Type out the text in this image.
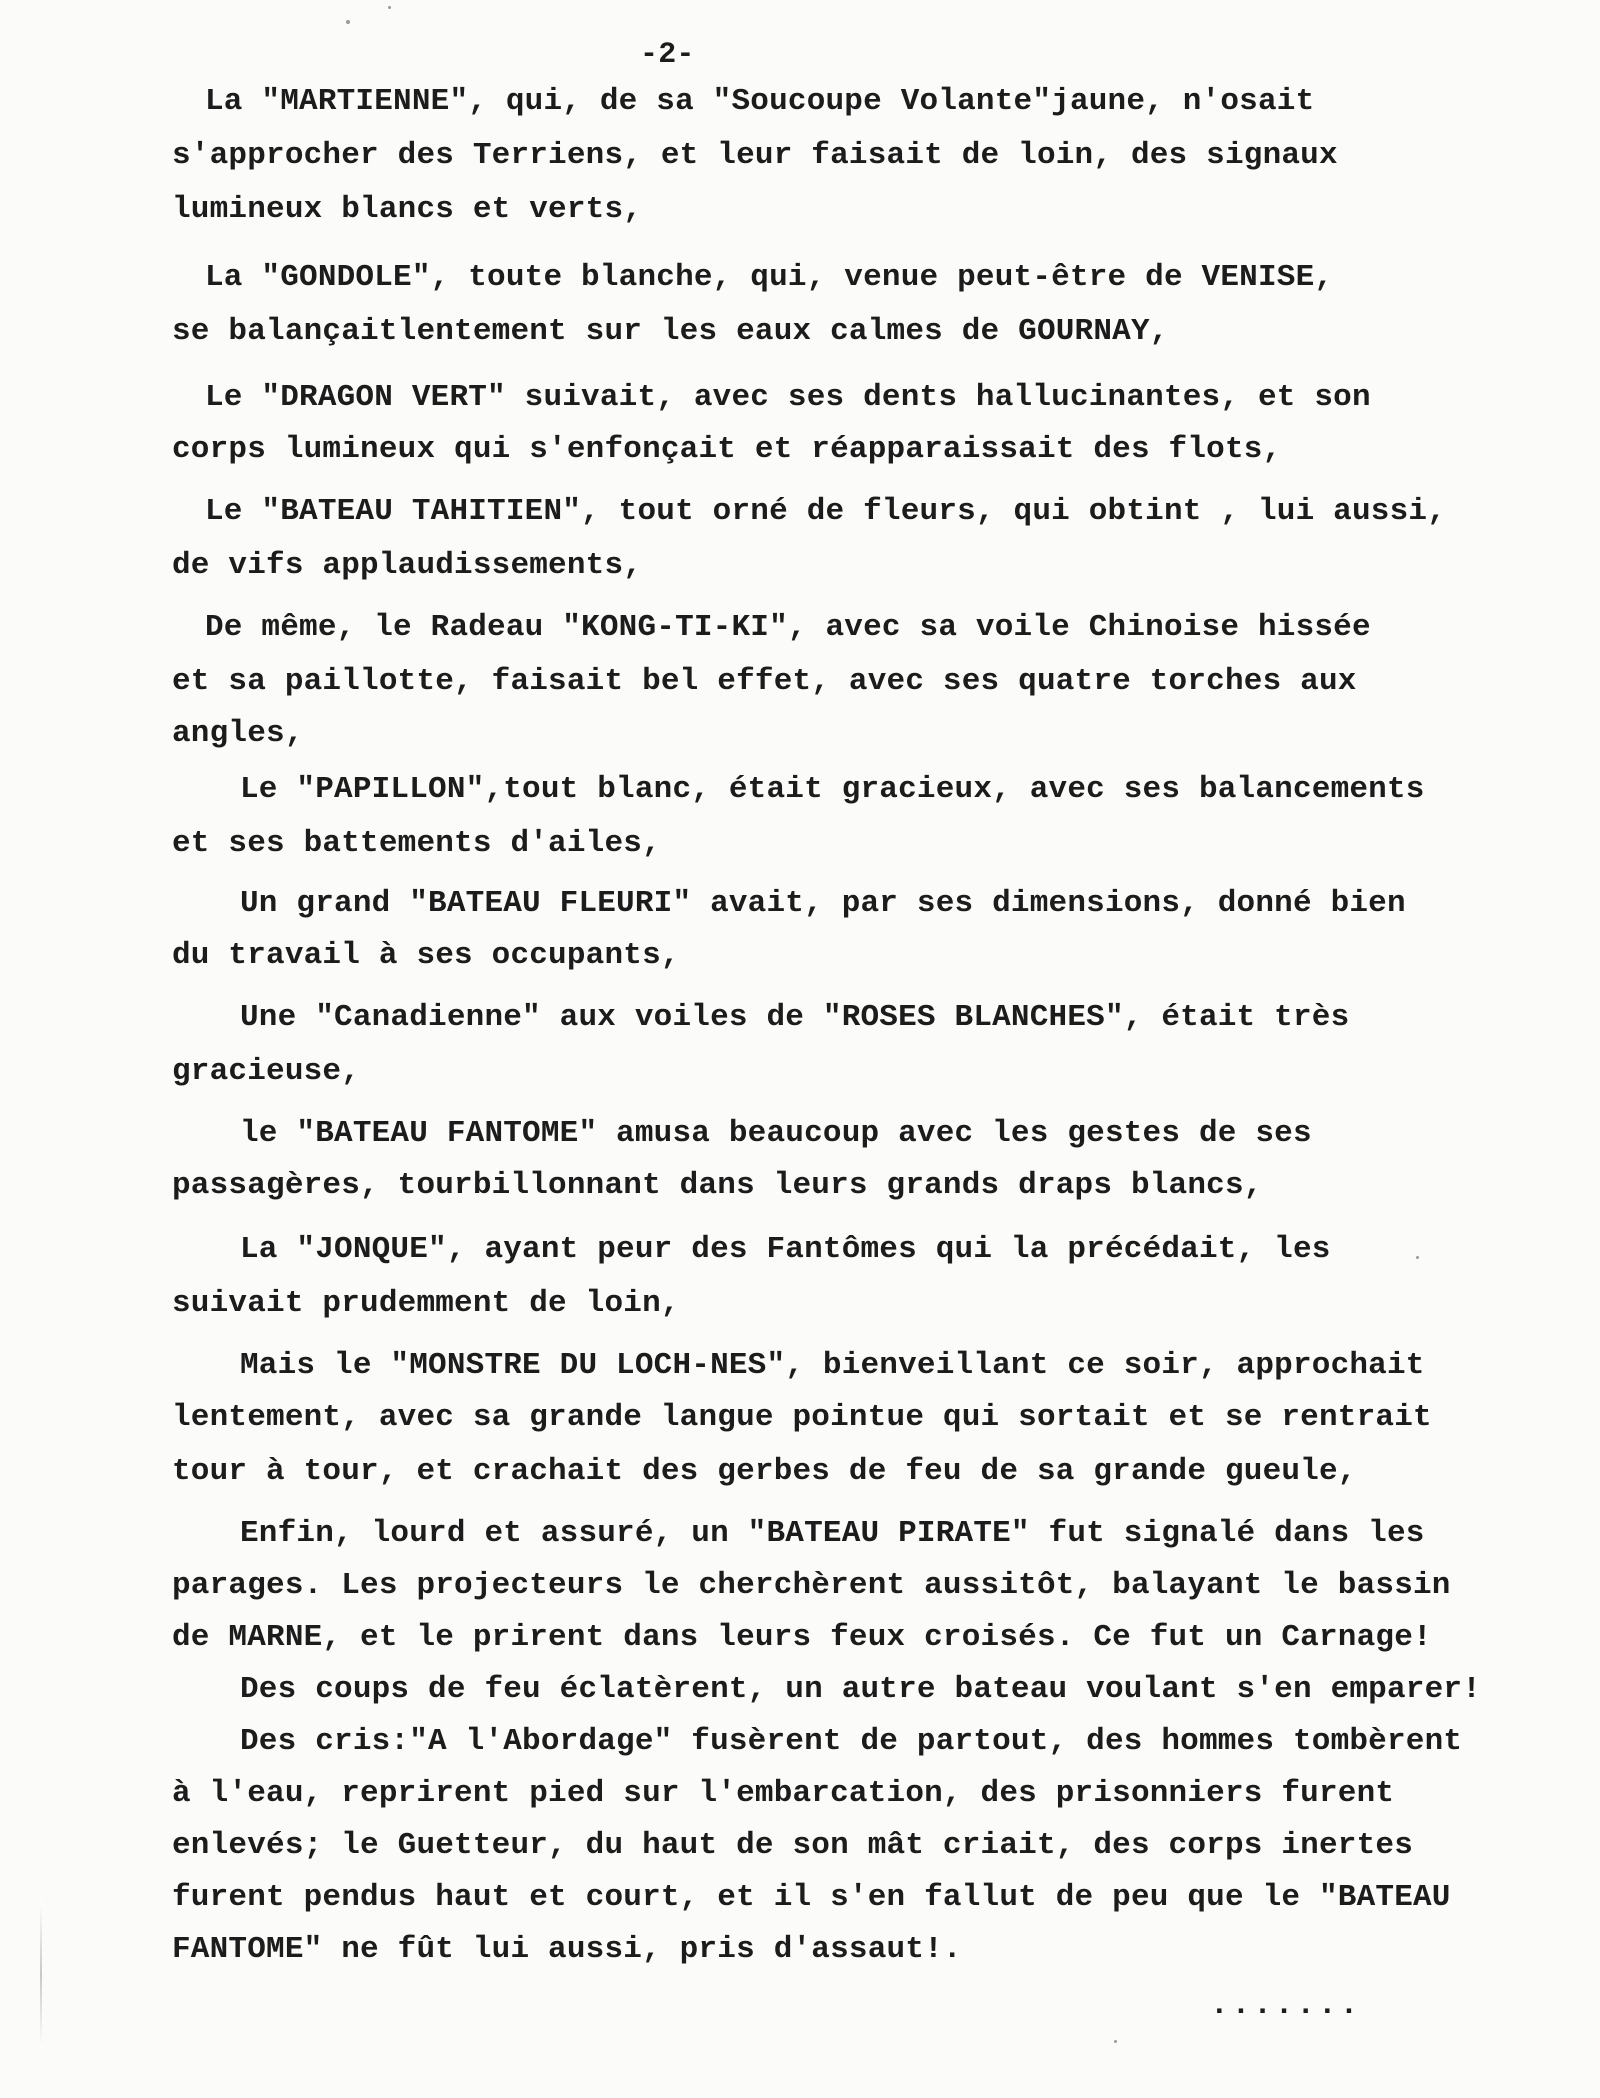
-2-
La "MARTIENNE", qui, de sa "Soucoupe Volante"jaune, n'osait
s'approcher des Terriens, et leur faisait de loin, des signaux
lumineux blancs et verts,
La "GONDOLE", toute blanche, qui, venue peut-être de VENISE,
se balançaitlentement sur les eaux calmes de GOURNAY,
Le "DRAGON VERT" suivait, avec ses dents hallucinantes, et son
corps lumineux qui s'enfonçait et réapparaissait des flots,
Le "BATEAU TAHITIEN", tout orné de fleurs, qui obtint , lui aussi,
de vifs applaudissements,
De même, le Radeau "KONG-TI-KI", avec sa voile Chinoise hissée
et sa paillotte, faisait bel effet, avec ses quatre torches aux
angles,
Le "PAPILLON",tout blanc, était gracieux, avec ses balancements
et ses battements d'ailes,
Un grand "BATEAU FLEURI" avait, par ses dimensions, donné bien
du travail à ses occupants,
Une "Canadienne" aux voiles de "ROSES BLANCHES", était très
gracieuse,
le "BATEAU FANTOME" amusa beaucoup avec les gestes de ses
passagères, tourbillonnant dans leurs grands draps blancs,
La "JONQUE", ayant peur des Fantômes qui la précédait, les
suivait prudemment de loin,
Mais le "MONSTRE DU LOCH-NES", bienveillant ce soir, approchait
lentement, avec sa grande langue pointue qui sortait et se rentrait
tour à tour, et crachait des gerbes de feu de sa grande gueule,
Enfin, lourd et assuré, un "BATEAU PIRATE" fut signalé dans les
parages. Les projecteurs le cherchèrent aussitôt, balayant le bassin
de MARNE, et le prirent dans leurs feux croisés. Ce fut un Carnage!
Des coups de feu éclatèrent, un autre bateau voulant s'en emparer!
Des cris:"A l'Abordage" fusèrent de partout, des hommes tombèrent
à l'eau, reprirent pied sur l'embarcation, des prisonniers furent
enlevés; le Guetteur, du haut de son mât criait, des corps inertes
furent pendus haut et court, et il s'en fallut de peu que le "BATEAU
FANTOME" ne fût lui aussi, pris d'assaut!.
.......
